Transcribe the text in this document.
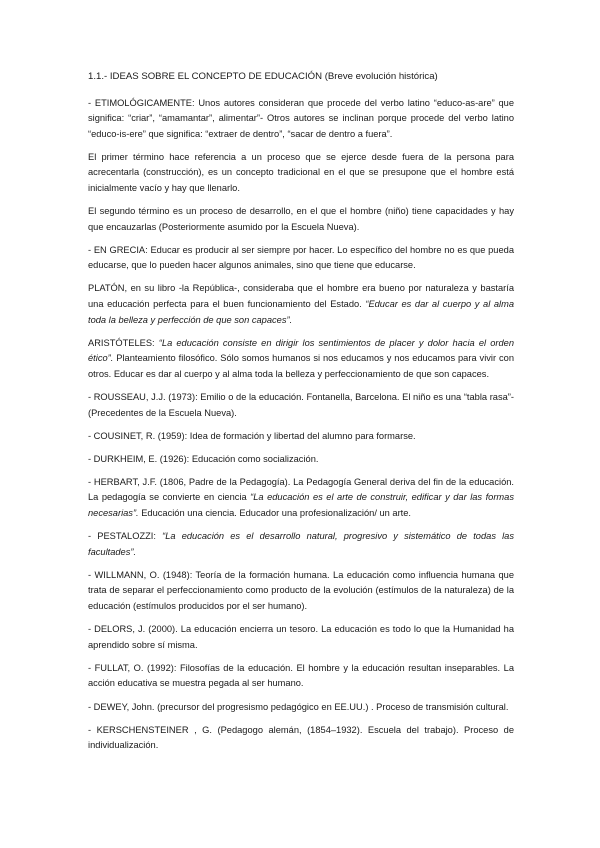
1.1.- IDEAS SOBRE EL CONCEPTO DE EDUCACIÓN (Breve evolución histórica)

- ETIMOLÓGICAMENTE: Unos autores consideran que procede del verbo latino “educo-as-are” que significa: “criar”, “amamantar”, alimentar”- Otros autores se inclinan porque procede del verbo latino “educo-is-ere” que significa: “extraer de dentro”, “sacar de dentro a fuera”.

El primer término hace referencia a un proceso que se ejerce desde fuera de la persona para acrecentarla (construcción), es un concepto tradicional en el que se presupone que el hombre está inicialmente vacío y hay que llenarlo.

El segundo término es un proceso de desarrollo, en el que el hombre (niño) tiene capacidades y hay que encauzarlas (Posteriormente asumido por la Escuela Nueva).

- EN GRECIA: Educar es producir al ser siempre por hacer. Lo específico del hombre no es que pueda educarse, que lo pueden hacer algunos animales, sino que tiene que educarse.

PLATÓN, en su libro -la República-, consideraba que el hombre era bueno por naturaleza y bastaría una educación perfecta para el buen funcionamiento del Estado. “Educar es dar al cuerpo y al alma toda la belleza y perfección de que son capaces”.

ARISTÓTELES: “La educación consiste en dirigir los sentimientos de placer y dolor hacia el orden ético”. Planteamiento filosófico. Sólo somos humanos si nos educamos y nos educamos para vivir con otros. Educar es dar al cuerpo y al alma toda la belleza y perfeccionamiento de que son capaces.

- ROUSSEAU, J.J. (1973): Emilio o de la educación. Fontanella, Barcelona. El niño es una “tabla rasa”- (Precedentes de la Escuela Nueva).

- COUSINET, R. (1959): Idea de formación y libertad del alumno para formarse.

- DURKHEIM, E. (1926): Educación como socialización.

- HERBART, J.F. (1806, Padre de la Pedagogía). La Pedagogía General deriva del fin de la educación. La pedagogía se convierte en ciencia “La educación es el arte de construir, edificar y dar las formas necesarias”. Educación una ciencia. Educador una profesionalización/ un arte.

- PESTALOZZI: “La educación es el desarrollo natural, progresivo y sistemático de todas las facultades”.

- WILLMANN, O. (1948): Teoría de la formación humana. La educación como influencia humana que trata de separar el perfeccionamiento como producto de la evolución (estímulos de la naturaleza) de la educación (estímulos producidos por el ser humano).

- DELORS, J. (2000). La educación encierra un tesoro. La educación es todo lo que la Humanidad ha aprendido sobre sí misma.

- FULLAT, O. (1992): Filosofías de la educación. El hombre y la educación resultan inseparables. La acción educativa se muestra pegada al ser humano.

- DEWEY, John. (precursor del progresismo pedagógico en EE.UU.) . Proceso de transmisión cultural.

- KERSCHENSTEINER , G. (Pedagogo alemán, (1854–1932). Escuela del trabajo). Proceso de individualización.
